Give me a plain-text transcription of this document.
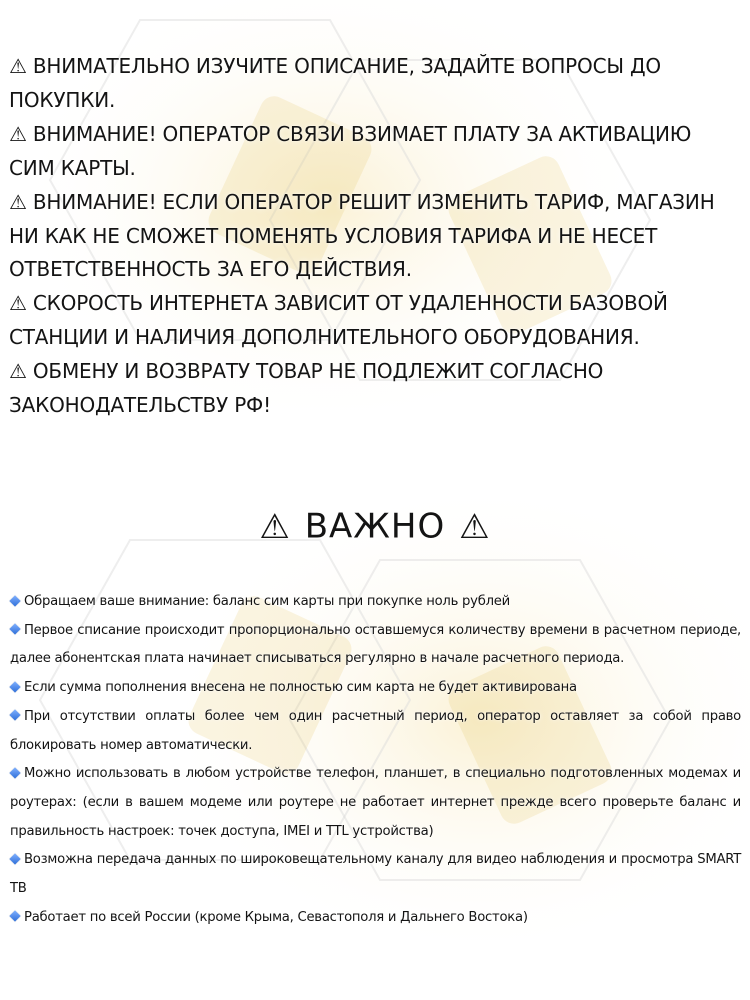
⚠ ВНИМАТЕЛЬНО ИЗУЧИТЕ ОПИСАНИЕ, ЗАДАЙТЕ ВОПРОСЫ ДО ПОКУПКИ.

⚠ ВНИМАНИЕ! ОПЕРАТОР СВЯЗИ ВЗИМАЕТ ПЛАТУ ЗА АКТИВАЦИЮ СИМ КАРТЫ.

⚠ ВНИМАНИЕ! ЕСЛИ ОПЕРАТОР РЕШИТ ИЗМЕНИТЬ ТАРИФ, МАГАЗИН НИ КАК НЕ СМОЖЕТ ПОМЕНЯТЬ УСЛОВИЯ ТАРИФА И НЕ НЕСЕТ ОТВЕТСТВЕННОСТЬ ЗА ЕГО ДЕЙСТВИЯ.

⚠ СКОРОСТЬ ИНТЕРНЕТА ЗАВИСИТ ОТ УДАЛЕННОСТИ БАЗОВОЙ СТАНЦИИ И НАЛИЧИЯ ДОПОЛНИТЕЛЬНОГО ОБОРУДОВАНИЯ.

⚠ ОБМЕНУ И ВОЗВРАТУ ТОВАР НЕ ПОДЛЕЖИТ СОГЛАСНО ЗАКОНОДАТЕЛЬСТВУ РФ!

⚠ ВАЖНО ⚠

Обращаем ваше внимание: баланс сим карты при покупке ноль рублей

Первое списание происходит пропорционально оставшемуся количеству времени в расчетном периоде, далее абонентская плата начинает списываться регулярно в начале расчетного периода.

Если сумма пополнения внесена не полностью сим карта не будет активирована

При отсутствии оплаты более чем один расчетный период, оператор оставляет за собой право блокировать номер автоматически.

Можно использовать в любом устройстве телефон, планшет, в специально подготовленных модемах и роутерах: (если в вашем модеме или роутере не работает интернет прежде всего проверьте баланс и правильность настроек: точек доступа, IMEI и TTL устройства)

Возможна передача данных по широковещательному каналу для видео наблюдения и просмотра SMART TB

Работает по всей России (кроме Крыма, Севастополя и Дальнего Востока)
